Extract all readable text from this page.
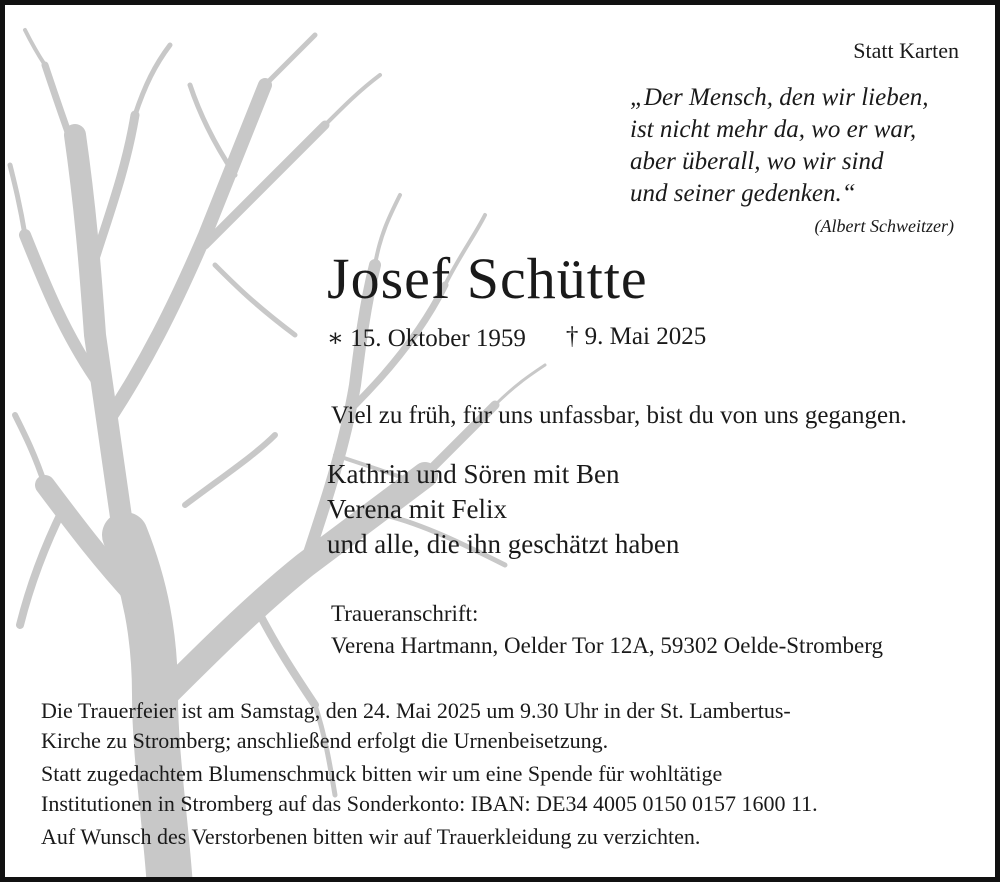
Statt Karten
„Der Mensch, den wir lieben,
ist nicht mehr da, wo er war,
aber überall, wo wir sind
und seiner gedenken.“
(Albert Schweitzer)
Josef Schütte
∗ 15. Oktober 1959 † 9. Mai 2025
Viel zu früh, für uns unfassbar, bist du von uns gegangen.
Kathrin und Sören mit Ben
Verena mit Felix
und alle, die ihn geschätzt haben
Traueranschrift:
Verena Hartmann, Oelder Tor 12A, 59302 Oelde-Stromberg

Die Trauerfeier ist am Samstag, den 24. Mai 2025 um 9.30 Uhr in der St. Lambertus-
Kirche zu Stromberg; anschließend erfolgt die Urnenbeisetzung.

Statt zugedachtem Blumenschmuck bitten wir um eine Spende für wohltätige
Institutionen in Stromberg auf das Sonderkonto: IBAN: DE34 4005 0150 0157 1600 11.

Auf Wunsch des Verstorbenen bitten wir auf Trauerkleidung zu verzichten.
